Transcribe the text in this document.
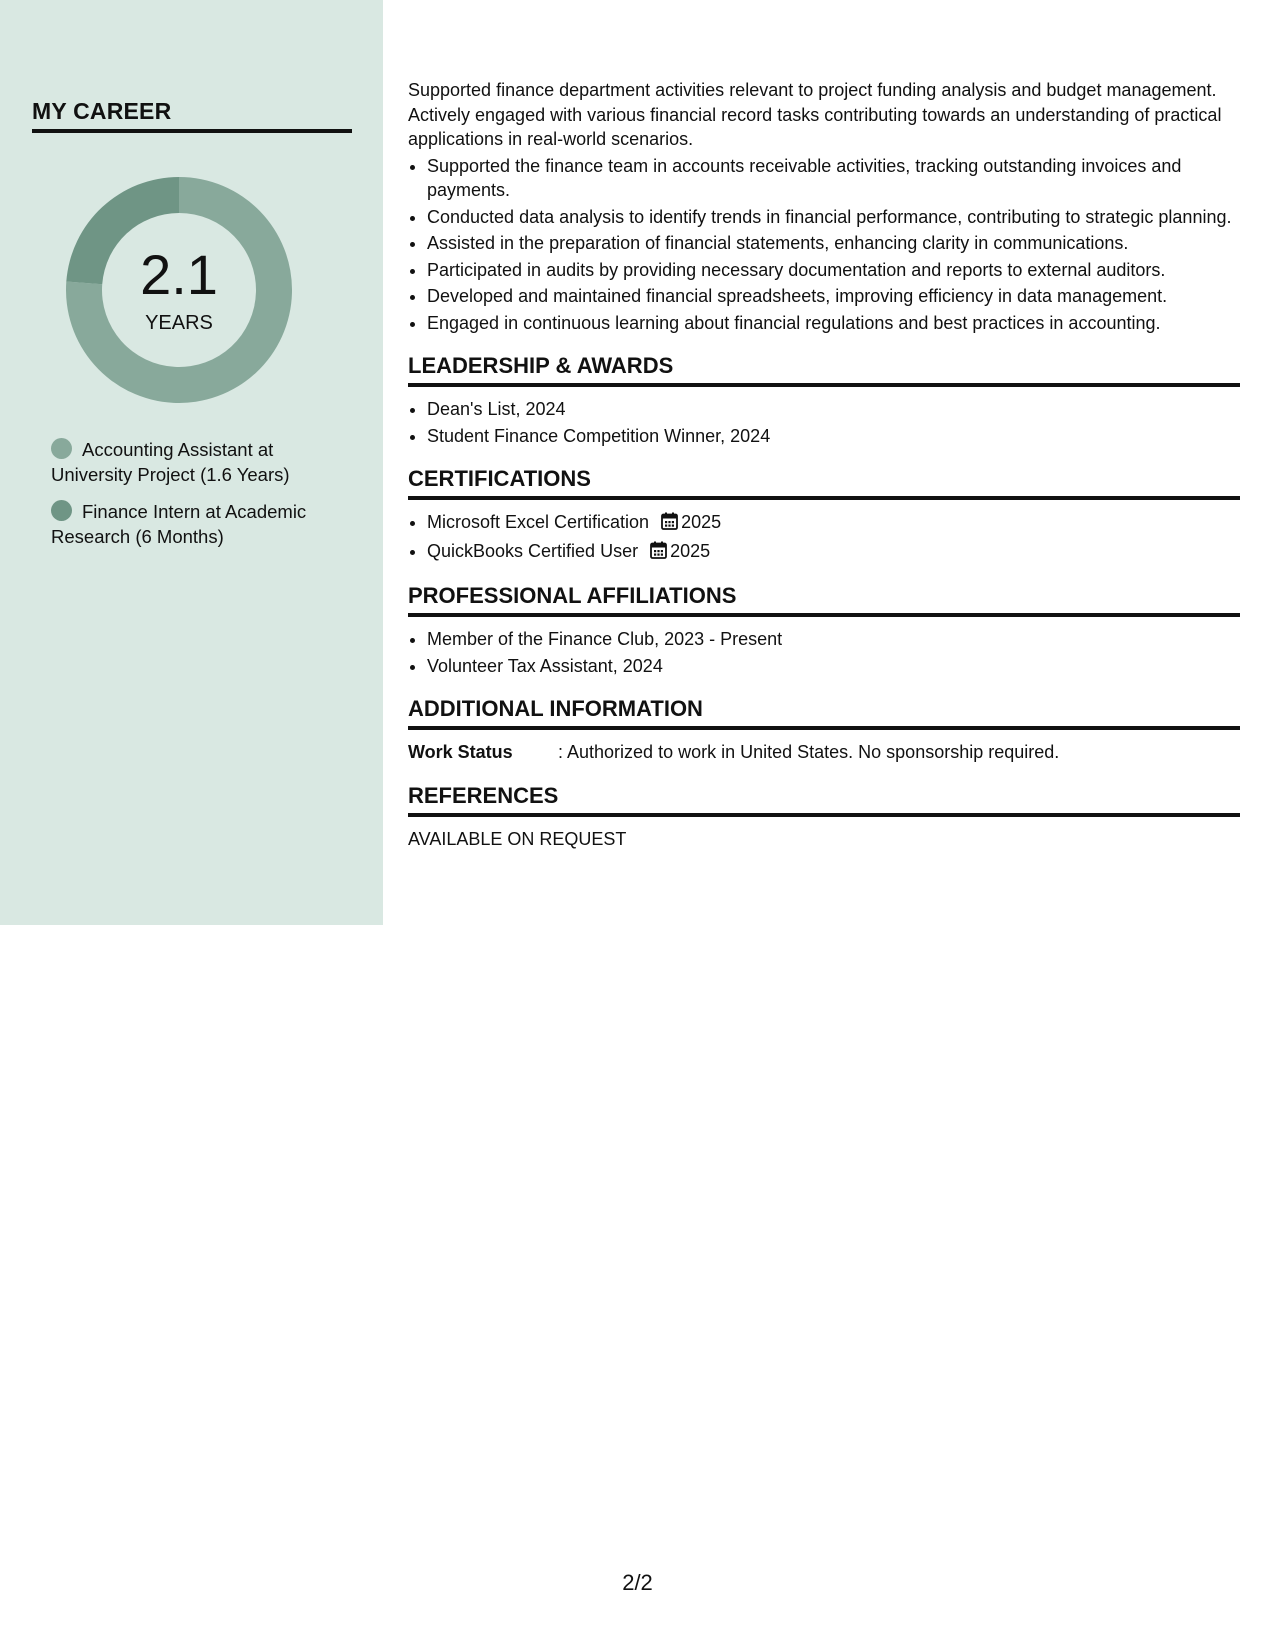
MY CAREER
2.1
YEARS
Accounting Assistant at University Project (1.6 Years)
Finance Intern at Academic Research (6 Months)
Supported finance department activities relevant to project funding analysis and budget management. Actively engaged with various financial record tasks contributing towards an understanding of practical applications in real-world scenarios.
• Supported the finance team in accounts receivable activities, tracking outstanding invoices and payments.
• Conducted data analysis to identify trends in financial performance, contributing to strategic planning.
• Assisted in the preparation of financial statements, enhancing clarity in communications.
• Participated in audits by providing necessary documentation and reports to external auditors.
• Developed and maintained financial spreadsheets, improving efficiency in data management.
• Engaged in continuous learning about financial regulations and best practices in accounting.
LEADERSHIP & AWARDS
• Dean's List, 2024
• Student Finance Competition Winner, 2024
CERTIFICATIONS
• Microsoft Excel Certification 2025
• QuickBooks Certified User 2025
PROFESSIONAL AFFILIATIONS
• Member of the Finance Club, 2023 - Present
• Volunteer Tax Assistant, 2024
ADDITIONAL INFORMATION
Work Status	: Authorized to work in United States. No sponsorship required.
REFERENCES
AVAILABLE ON REQUEST
2/2
